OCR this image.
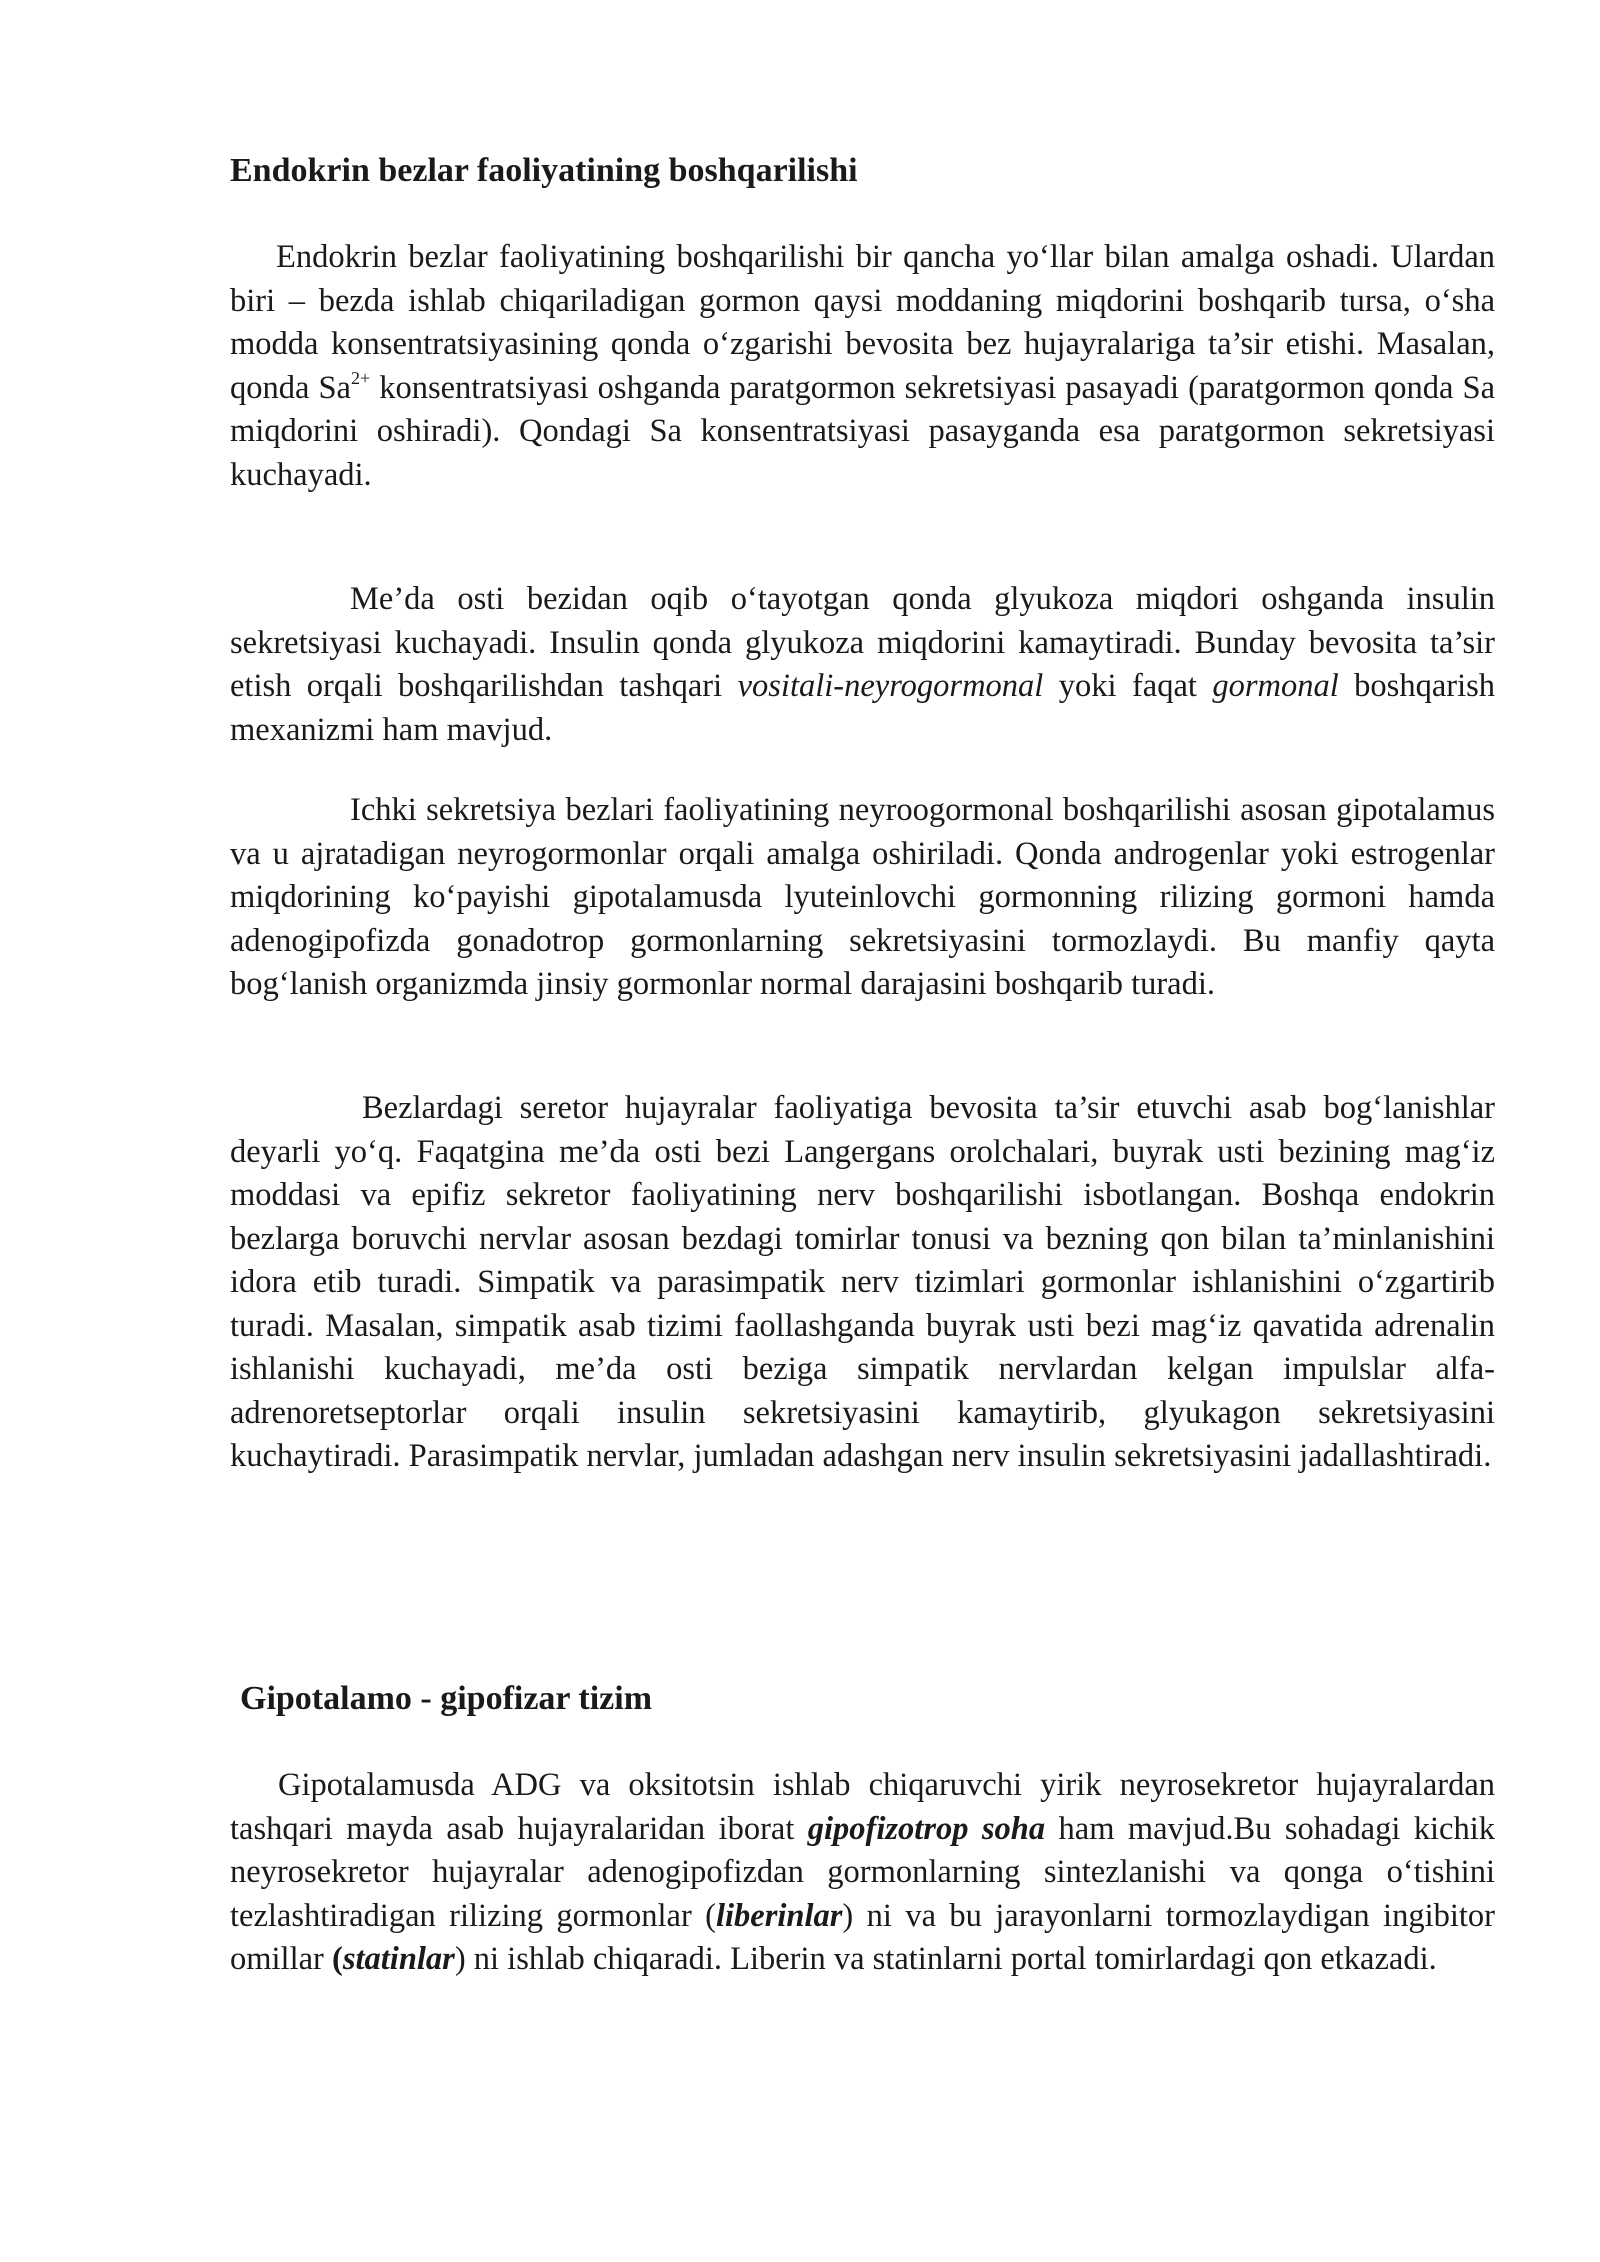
Endokrin bezlar faoliyatining boshqarilishi

Endokrin bezlar faoliyatining boshqarilishi bir qancha yo‘llar bilan amalga oshadi. Ulardan biri – bezda ishlab chiqariladigan gormon qaysi moddaning miqdorini boshqarib tursa, o‘sha modda konsentratsiyasining qonda o‘zgarishi bevosita bez hujayralariga ta’sir etishi. Masalan, qonda $Sa^{2+}$ konsentratsiyasi oshganda paratgormon sekretsiyasi pasayadi (paratgormon qonda Sa miqdorini oshiradi). Qondagi Sa konsentratsiyasi pasayganda esa paratgormon sekretsiyasi kuchayadi.

Me’da osti bezidan oqib o‘tayotgan qonda glyukoza miqdori oshganda insulin sekretsiyasi kuchayadi. Insulin qonda glyukoza miqdorini kamaytiradi. Bunday bevosita ta’sir etish orqali boshqarilishdan tashqari vositali-neyrogormonal yoki faqat gormonal boshqarish mexanizmi ham mavjud.

Ichki sekretsiya bezlari faoliyatining neyroogormonal boshqarilishi asosan gipotalamus va u ajratadigan neyrogormonlar orqali amalga oshiriladi. Qonda androgenlar yoki estrogenlar miqdorining ko‘payishi gipotalamusda lyuteinlovchi gormonning rilizing gormoni hamda adenogipofizda gonadotrop gormonlarning sekretsiyasini tormozlaydi. Bu manfiy qayta bog‘lanish organizmda jinsiy gormonlar normal darajasini boshqarib turadi.

Bezlardagi seretor hujayralar faoliyatiga bevosita ta’sir etuvchi asab bog‘lanishlar deyarli yo‘q. Faqatgina me’da osti bezi Langergans orolchalari, buyrak usti bezining mag‘iz moddasi va epifiz sekretor faoliyatining nerv boshqarilishi isbotlangan. Boshqa endokrin bezlarga boruvchi nervlar asosan bezdagi tomirlar tonusi va bezning qon bilan ta’minlanishini idora etib turadi. Simpatik va parasimpatik nerv tizimlari gormonlar ishlanishini o‘zgartirib turadi. Masalan, simpatik asab tizimi faollashganda buyrak usti bezi mag‘iz qavatida adrenalin ishlanishi kuchayadi, me’da osti beziga simpatik nervlardan kelgan impulslar alfa-adrenoretseptorlar orqali insulin sekretsiyasini kamaytirib, glyukagon sekretsiyasini kuchaytiradi. Parasimpatik nervlar, jumladan adashgan nerv insulin sekretsiyasini jadallashtiradi.

Gipotalamo - gipofizar tizim

Gipotalamusda ADG va oksitotsin ishlab chiqaruvchi yirik neyrosekretor hujayralardan tashqari mayda asab hujayralaridan iborat gipofizotrop soha ham mavjud.Bu sohadagi kichik neyrosekretor hujayralar adenogipofizdan gormonlarning sintezlanishi va qonga o‘tishini tezlashtiradigan rilizing gormonlar (liberinlar) ni va bu jarayonlarni tormozlaydigan ingibitor omillar (statinlar) ni ishlab chiqaradi. Liberin va statinlarni portal tomirlardagi qon etkazadi.
